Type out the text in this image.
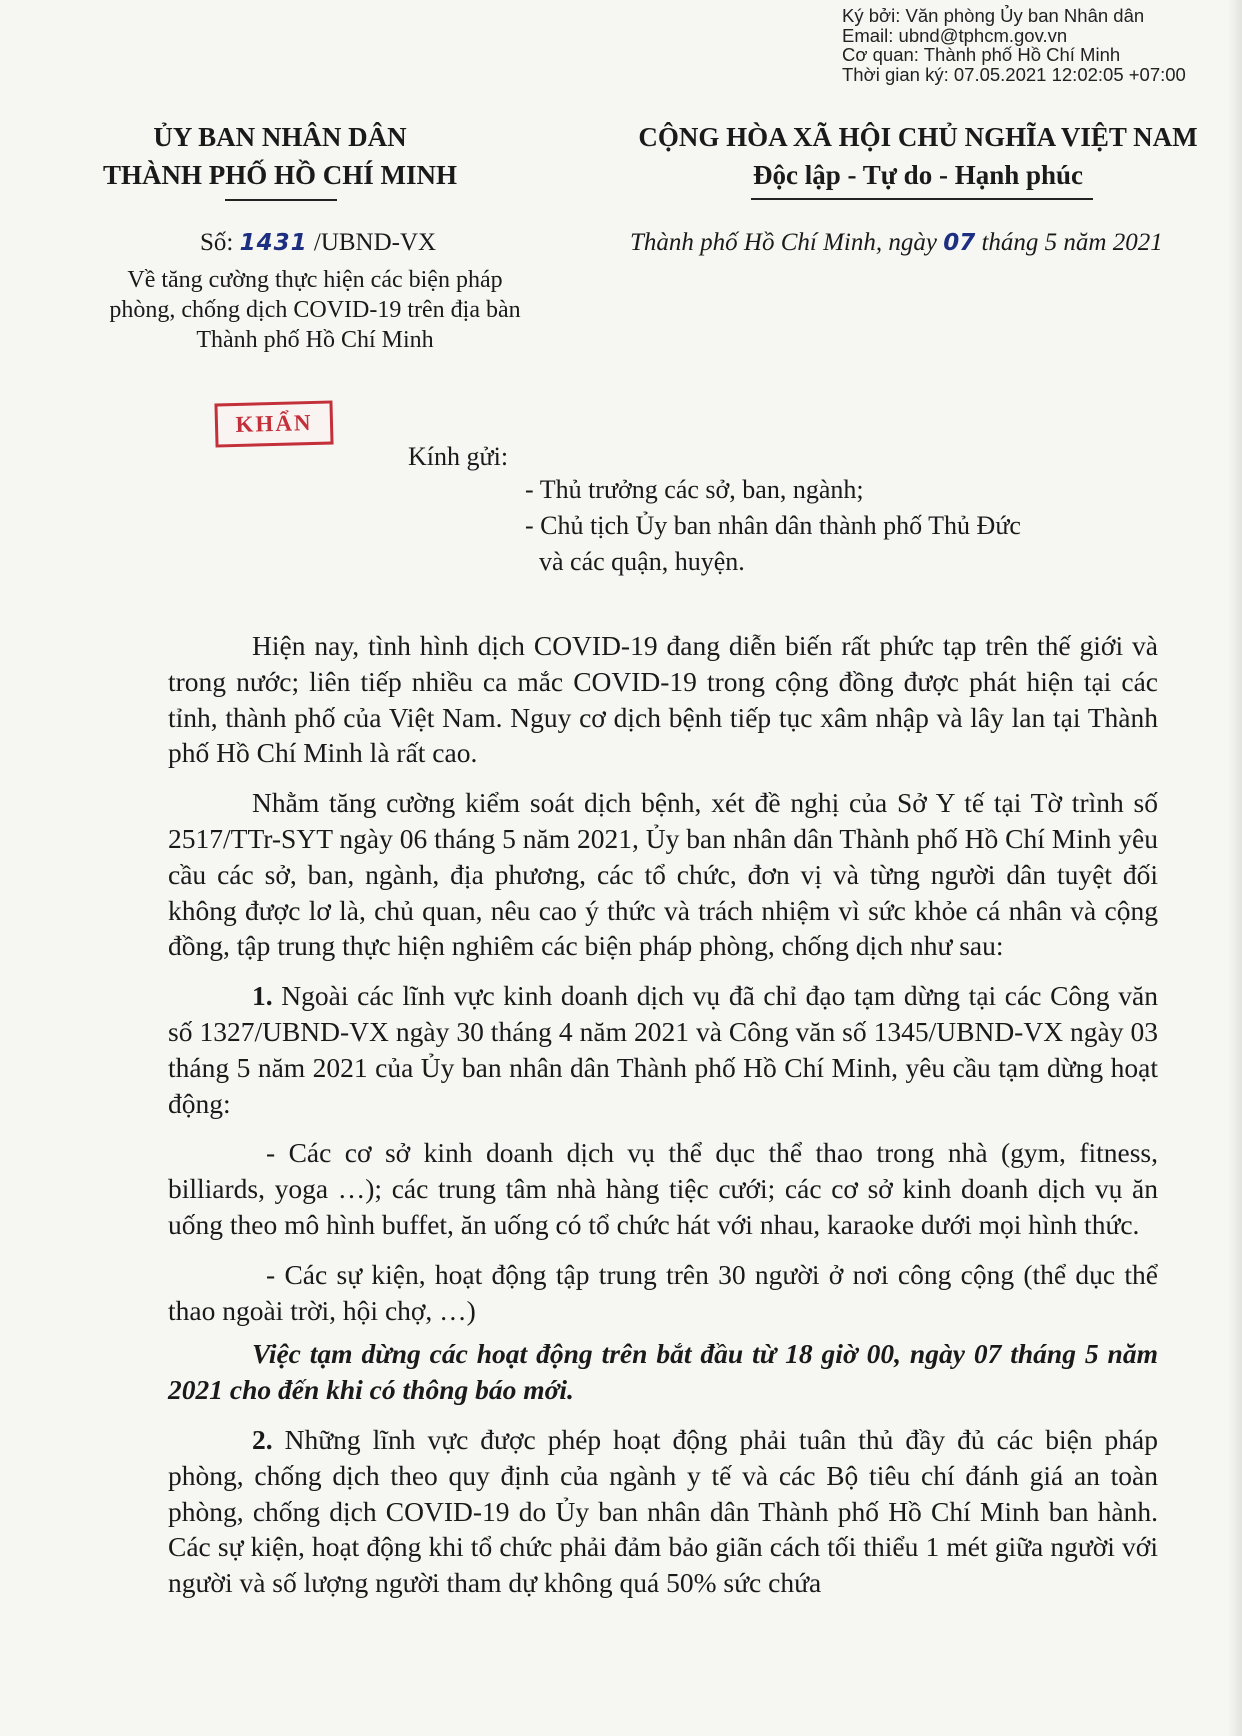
Ký bởi: Văn phòng Ủy ban Nhân dân
Email: ubnd@tphcm.gov.vn
Cơ quan: Thành phố Hồ Chí Minh
Thời gian ký: 07.05.2021 12:02:05 +07:00
ỦY BAN NHÂN DÂN
THÀNH PHỐ HỒ CHÍ MINH
CỘNG HÒA XÃ HỘI CHỦ NGHĨA VIỆT NAM
Độc lập - Tự do - Hạnh phúc
Số: 1431 /UBND-VX	Thành phố Hồ Chí Minh, ngày 07 tháng 5 năm 2021
Về tăng cường thực hiện các biện pháp
phòng, chống dịch COVID-19 trên địa bàn
Thành phố Hồ Chí Minh
KHẨN
Kính gửi:
- Thủ trưởng các sở, ban, ngành;
- Chủ tịch Ủy ban nhân dân thành phố Thủ Đức
và các quận, huyện.

Hiện nay, tình hình dịch COVID-19 đang diễn biến rất phức tạp trên thế giới và trong nước; liên tiếp nhiều ca mắc COVID-19 trong cộng đồng được phát hiện tại các tỉnh, thành phố của Việt Nam. Nguy cơ dịch bệnh tiếp tục xâm nhập và lây lan tại Thành phố Hồ Chí Minh là rất cao.

Nhằm tăng cường kiểm soát dịch bệnh, xét đề nghị của Sở Y tế tại Tờ trình số 2517/TTr-SYT ngày 06 tháng 5 năm 2021, Ủy ban nhân dân Thành phố Hồ Chí Minh yêu cầu các sở, ban, ngành, địa phương, các tổ chức, đơn vị và từng người dân tuyệt đối không được lơ là, chủ quan, nêu cao ý thức và trách nhiệm vì sức khỏe cá nhân và cộng đồng, tập trung thực hiện nghiêm các biện pháp phòng, chống dịch như sau:

1. Ngoài các lĩnh vực kinh doanh dịch vụ đã chỉ đạo tạm dừng tại các Công văn số 1327/UBND-VX ngày 30 tháng 4 năm 2021 và Công văn số 1345/UBND-VX ngày 03 tháng 5 năm 2021 của Ủy ban nhân dân Thành phố Hồ Chí Minh, yêu cầu tạm dừng hoạt động:

- Các cơ sở kinh doanh dịch vụ thể dục thể thao trong nhà (gym, fitness, billiards, yoga …); các trung tâm nhà hàng tiệc cưới; các cơ sở kinh doanh dịch vụ ăn uống theo mô hình buffet, ăn uống có tổ chức hát với nhau, karaoke dưới mọi hình thức.

- Các sự kiện, hoạt động tập trung trên 30 người ở nơi công cộng (thể dục thể thao ngoài trời, hội chợ, …)

Việc tạm dừng các hoạt động trên bắt đầu từ 18 giờ 00, ngày 07 tháng 5 năm 2021 cho đến khi có thông báo mới.

2. Những lĩnh vực được phép hoạt động phải tuân thủ đầy đủ các biện pháp phòng, chống dịch theo quy định của ngành y tế và các Bộ tiêu chí đánh giá an toàn phòng, chống dịch COVID-19 do Ủy ban nhân dân Thành phố Hồ Chí Minh ban hành. Các sự kiện, hoạt động khi tổ chức phải đảm bảo giãn cách tối thiểu 1 mét giữa người với người và số lượng người tham dự không quá 50% sức chứa
